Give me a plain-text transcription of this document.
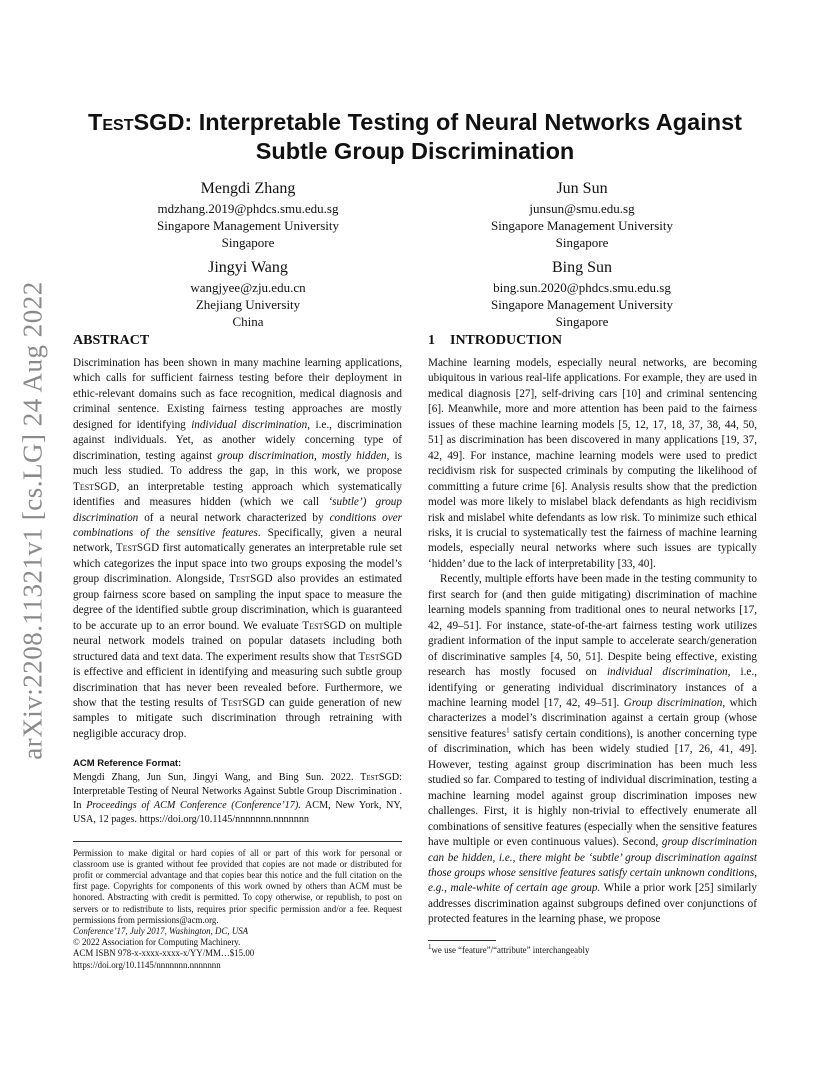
arXiv:2208.11321v1 [cs.LG] 24 Aug 2022
TestSGD: Interpretable Testing of Neural Networks Against Subtle Group Discrimination
Mengdi Zhang
mdzhang.2019@phdcs.smu.edu.sg
Singapore Management University
Singapore
Jun Sun
junsun@smu.edu.sg
Singapore Management University
Singapore
Jingyi Wang
wangjyee@zju.edu.cn
Zhejiang University
China
Bing Sun
bing.sun.2020@phdcs.smu.edu.sg
Singapore Management University
Singapore
ABSTRACT

Discrimination has been shown in many machine learning applications, which calls for sufficient fairness testing before their deployment in ethic-relevant domains such as face recognition, medical diagnosis and criminal sentence. Existing fairness testing approaches are mostly designed for identifying individual discrimination, i.e., discrimination against individuals. Yet, as another widely concerning type of discrimination, testing against group discrimination, mostly hidden, is much less studied. To address the gap, in this work, we propose TestSGD, an interpretable testing approach which systematically identifies and measures hidden (which we call ‘subtle’) group discrimination of a neural network characterized by conditions over combinations of the sensitive features. Specifically, given a neural network, TestSGD first automatically generates an interpretable rule set which categorizes the input space into two groups exposing the model’s group discrimination. Alongside, TestSGD also provides an estimated group fairness score based on sampling the input space to measure the degree of the identified subtle group discrimination, which is guaranteed to be accurate up to an error bound. We evaluate TestSGD on multiple neural network models trained on popular datasets including both structured data and text data. The experiment results show that TestSGD is effective and efficient in identifying and measuring such subtle group discrimination that has never been revealed before. Furthermore, we show that the testing results of TestSGD can guide generation of new samples to mitigate such discrimination through retraining with negligible accuracy drop.

ACM Reference Format:

Mengdi Zhang, Jun Sun, Jingyi Wang, and Bing Sun. 2022. TestSGD: Interpretable Testing of Neural Networks Against Subtle Group Discrimination . In Proceedings of ACM Conference (Conference’17). ACM, New York, NY, USA, 12 pages. https://doi.org/10.1145/nnnnnnn.nnnnnnn

Permission to make digital or hard copies of all or part of this work for personal or classroom use is granted without fee provided that copies are not made or distributed for profit or commercial advantage and that copies bear this notice and the full citation on the first page. Copyrights for components of this work owned by others than ACM must be honored. Abstracting with credit is permitted. To copy otherwise, or republish, to post on servers or to redistribute to lists, requires prior specific permission and/or a fee. Request permissions from permissions@acm.org.

Conference’17, July 2017, Washington, DC, USA

© 2022 Association for Computing Machinery.

ACM ISBN 978-x-xxxx-xxxx-x/YY/MM…$15.00

https://doi.org/10.1145/nnnnnnn.nnnnnnn

1 INTRODUCTION

Machine learning models, especially neural networks, are becoming ubiquitous in various real-life applications. For example, they are used in medical diagnosis [27], self-driving cars [10] and criminal sentencing [6]. Meanwhile, more and more attention has been paid to the fairness issues of these machine learning models [5, 12, 17, 18, 37, 38, 44, 50, 51] as discrimination has been discovered in many applications [19, 37, 42, 49]. For instance, machine learning models were used to predict recidivism risk for suspected criminals by computing the likelihood of committing a future crime [6]. Analysis results show that the prediction model was more likely to mislabel black defendants as high recidivism risk and mislabel white defendants as low risk. To minimize such ethical risks, it is crucial to systematically test the fairness of machine learning models, especially neural networks where such issues are typically ‘hidden’ due to the lack of interpretability [33, 40].

Recently, multiple efforts have been made in the testing community to first search for (and then guide mitigating) discrimination of machine learning models spanning from traditional ones to neural networks [17, 42, 49–51]. For instance, state-of-the-art fairness testing work utilizes gradient information of the input sample to accelerate search/generation of discriminative samples [4, 50, 51]. Despite being effective, existing research has mostly focused on individual discrimination, i.e., identifying or generating individual discriminatory instances of a machine learning model [17, 42, 49–51]. Group discrimination, which characterizes a model’s discrimination against a certain group (whose sensitive features$^1$ satisfy certain conditions), is another concerning type of discrimination, which has been widely studied [17, 26, 41, 49]. However, testing against group discrimination has been much less studied so far. Compared to testing of individual discrimination, testing a machine learning model against group discrimination imposes new challenges. First, it is highly non-trivial to effectively enumerate all combinations of sensitive features (especially when the sensitive features have multiple or even continuous values). Second, group discrimination can be hidden, i.e., there might be ‘subtle’ group discrimination against those groups whose sensitive features satisfy certain unknown conditions, e.g., male-white of certain age group. While a prior work [25] similarly addresses discrimination against subgroups defined over conjunctions of protected features in the learning phase, we propose

$^1$we use “feature”/“attribute” interchangeably
